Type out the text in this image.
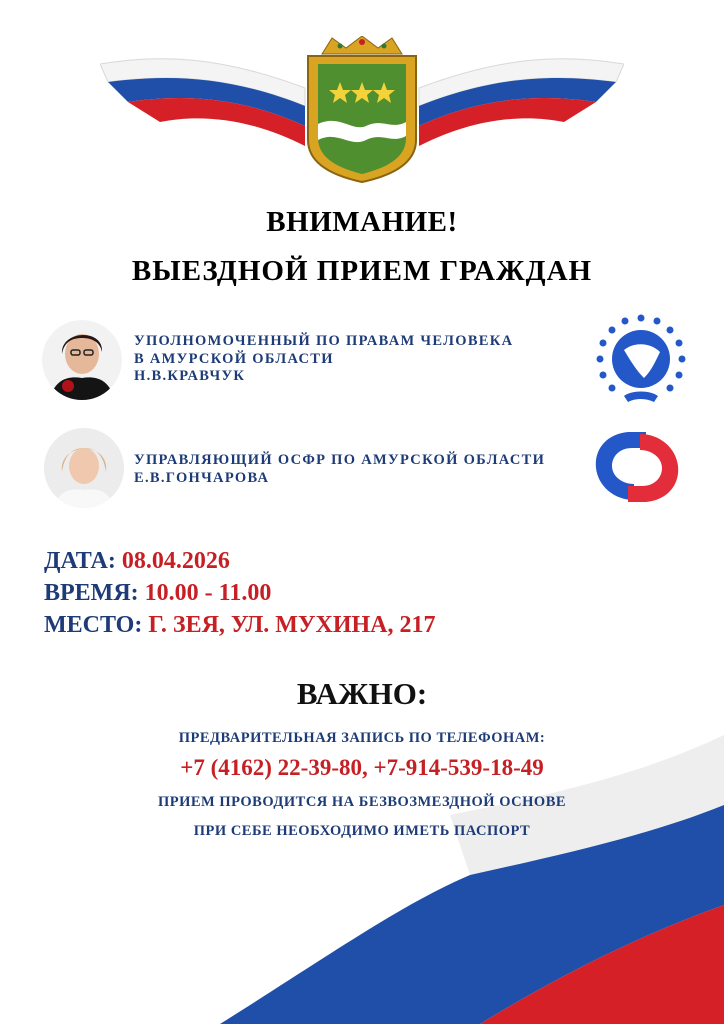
ВНИМАНИЕ!
ВЫЕЗДНОЙ ПРИЕМ ГРАЖДАН
УПОЛНОМОЧЕННЫЙ ПО ПРАВАМ ЧЕЛОВЕКА
В АМУРСКОЙ ОБЛАСТИ
Н.В.КРАВЧУК
УПРАВЛЯЮЩИЙ ОСФР ПО АМУРСКОЙ ОБЛАСТИ
Е.В.ГОНЧАРОВА
ДАТА: 08.04.2026
ВРЕМЯ: 10.00 - 11.00
МЕСТО: Г. ЗЕЯ, УЛ. МУХИНА, 217
ВАЖНО:
ПРЕДВАРИТЕЛЬНАЯ ЗАПИСЬ ПО ТЕЛЕФОНАМ:
+7 (4162) 22-39-80, +7-914-539-18-49
ПРИЕМ ПРОВОДИТСЯ НА БЕЗВОЗМЕЗДНОЙ ОСНОВЕ
ПРИ СЕБЕ НЕОБХОДИМО ИМЕТЬ ПАСПОРТ
